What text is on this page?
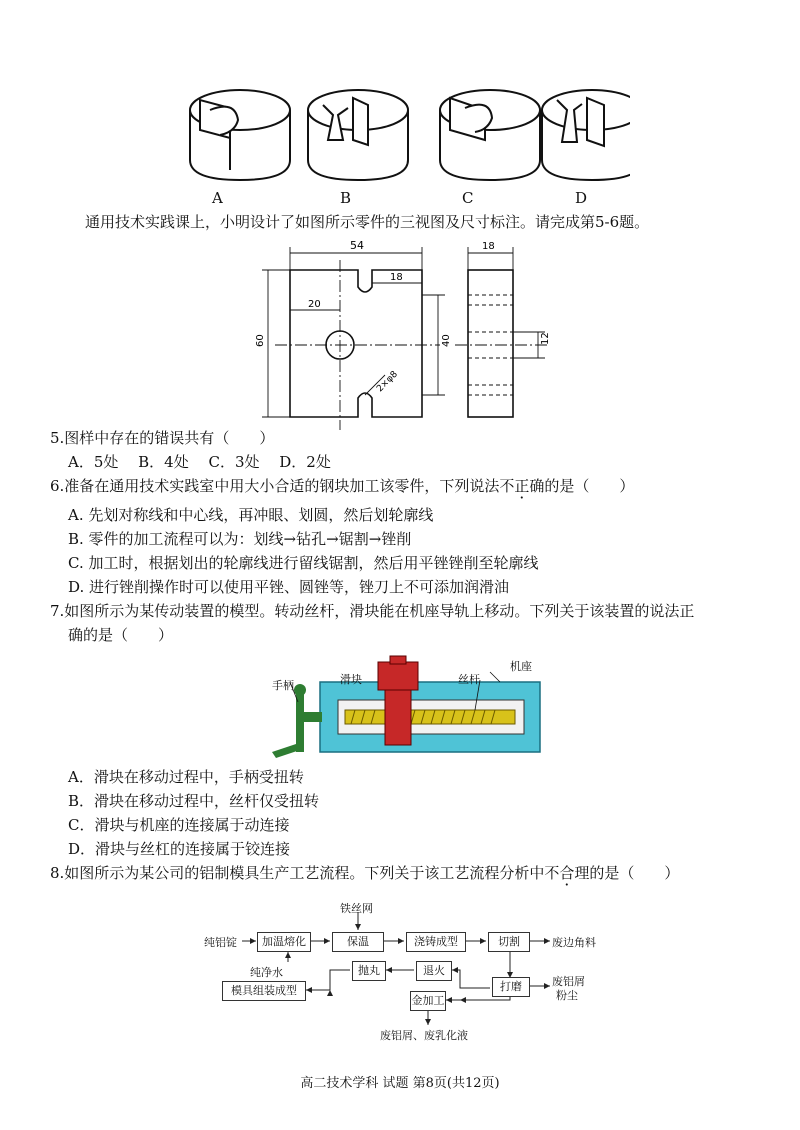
A	B	C	D
通用技术实践课上，小明设计了如图所示零件的三视图及尺寸标注。请完成第5-6题。
54
18
20
18
60	40	12
2×φ8
5.图样中存在的错误共有（　　）
A．5处　 B．4处　 C．3处　 D．2处
6.准备在通用技术实践室中用大小合适的钢块加工该零件，下列说法不正确的是（　　）
A. 先划对称线和中心线，再冲眼、划圆，然后划轮廓线
B. 零件的加工流程可以为：划线→钻孔→锯割→锉削
C. 加工时，根据划出的轮廓线进行留线锯割，然后用平锉锉削至轮廓线
D. 进行锉削操作时可以使用平锉、圆锉等，锉刀上不可添加润滑油
7.如图所示为某传动装置的模型。转动丝杆，滑块能在机座导轨上移动。下列关于该装置的说法正
确的是（　　）
手柄	滑块	丝杆
机座
A．滑块在移动过程中，手柄受扭转
B．滑块在移动过程中，丝杆仅受扭转
C．滑块与机座的连接属于动连接
D．滑块与丝杠的连接属于铰连接
8.如图所示为某公司的铝制模具生产工艺流程。下列关于该工艺流程分析中不合理的是（　　）
加温熔化	保温	浇铸成型	切割
抛丸	退火
打磨
模具组装成型
金加工
纯铝锭
铁丝网
纯净水
废边角料
废铝屑
粉尘
废铝屑、废乳化液
高二技术学科 试题 第8页(共12页)
